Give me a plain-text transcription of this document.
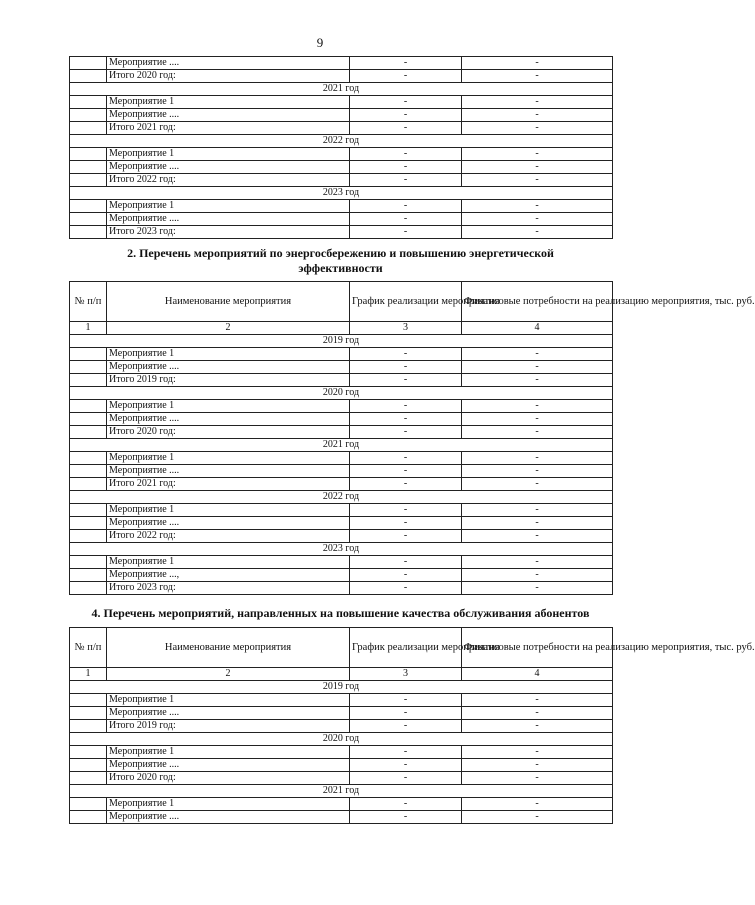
9
	Мероприятие ....	-	-
	Итого 2020 год:	-	-
2021 год			
	Мероприятие 1	-	-
	Мероприятие ....	-	-
	Итого 2021 год:	-	-
2022 год			
	Мероприятие 1	-	-
	Мероприятие ....	-	-
	Итого 2022 год:	-	-
2023 год			
	Мероприятие 1	-	-
	Мероприятие ....	-	-
	Итого 2023 год:	-	-
2. Перечень мероприятий по энергосбережению и повышению энергетической
эффективности
№ п/п	Наименование мероприятия	График реализации мероприятия	Финансовые потребности на реализацию мероприятия, тыс. руб.
1	2	3	4
2019 год			
	Мероприятие 1	-	-
	Мероприятие ....	-	-
	Итого 2019 год:	-	-
2020 год			
	Мероприятие 1	-	-
	Мероприятие ....	-	-
	Итого 2020 год:	-	-
2021 год			
	Мероприятие 1	-	-
	Мероприятие ....	-	-
	Итого 2021 год:	-	-
2022 год			
	Мероприятие 1	-	-
	Мероприятие ....	-	-
	Итого 2022 год:	-	-
2023 год			
	Мероприятие 1	-	-
	Мероприятие ...,	-	-
	Итого 2023 год:	-	-
4. Перечень мероприятий, направленных на повышение качества обслуживания абонентов
№ п/п	Наименование мероприятия	График реализации мероприятия	Финансовые потребности на реализацию мероприятия, тыс. руб.
1	2	3	4
2019 год			
	Мероприятие 1	-	-
	Мероприятие ....	-	-
	Итого 2019 год:	-	-
2020 год			
	Мероприятие 1	-	-
	Мероприятие ....	-	-
	Итого 2020 год:	-	-
2021 год			
	Мероприятие 1	-	-
	Мероприятие ....	-	-
